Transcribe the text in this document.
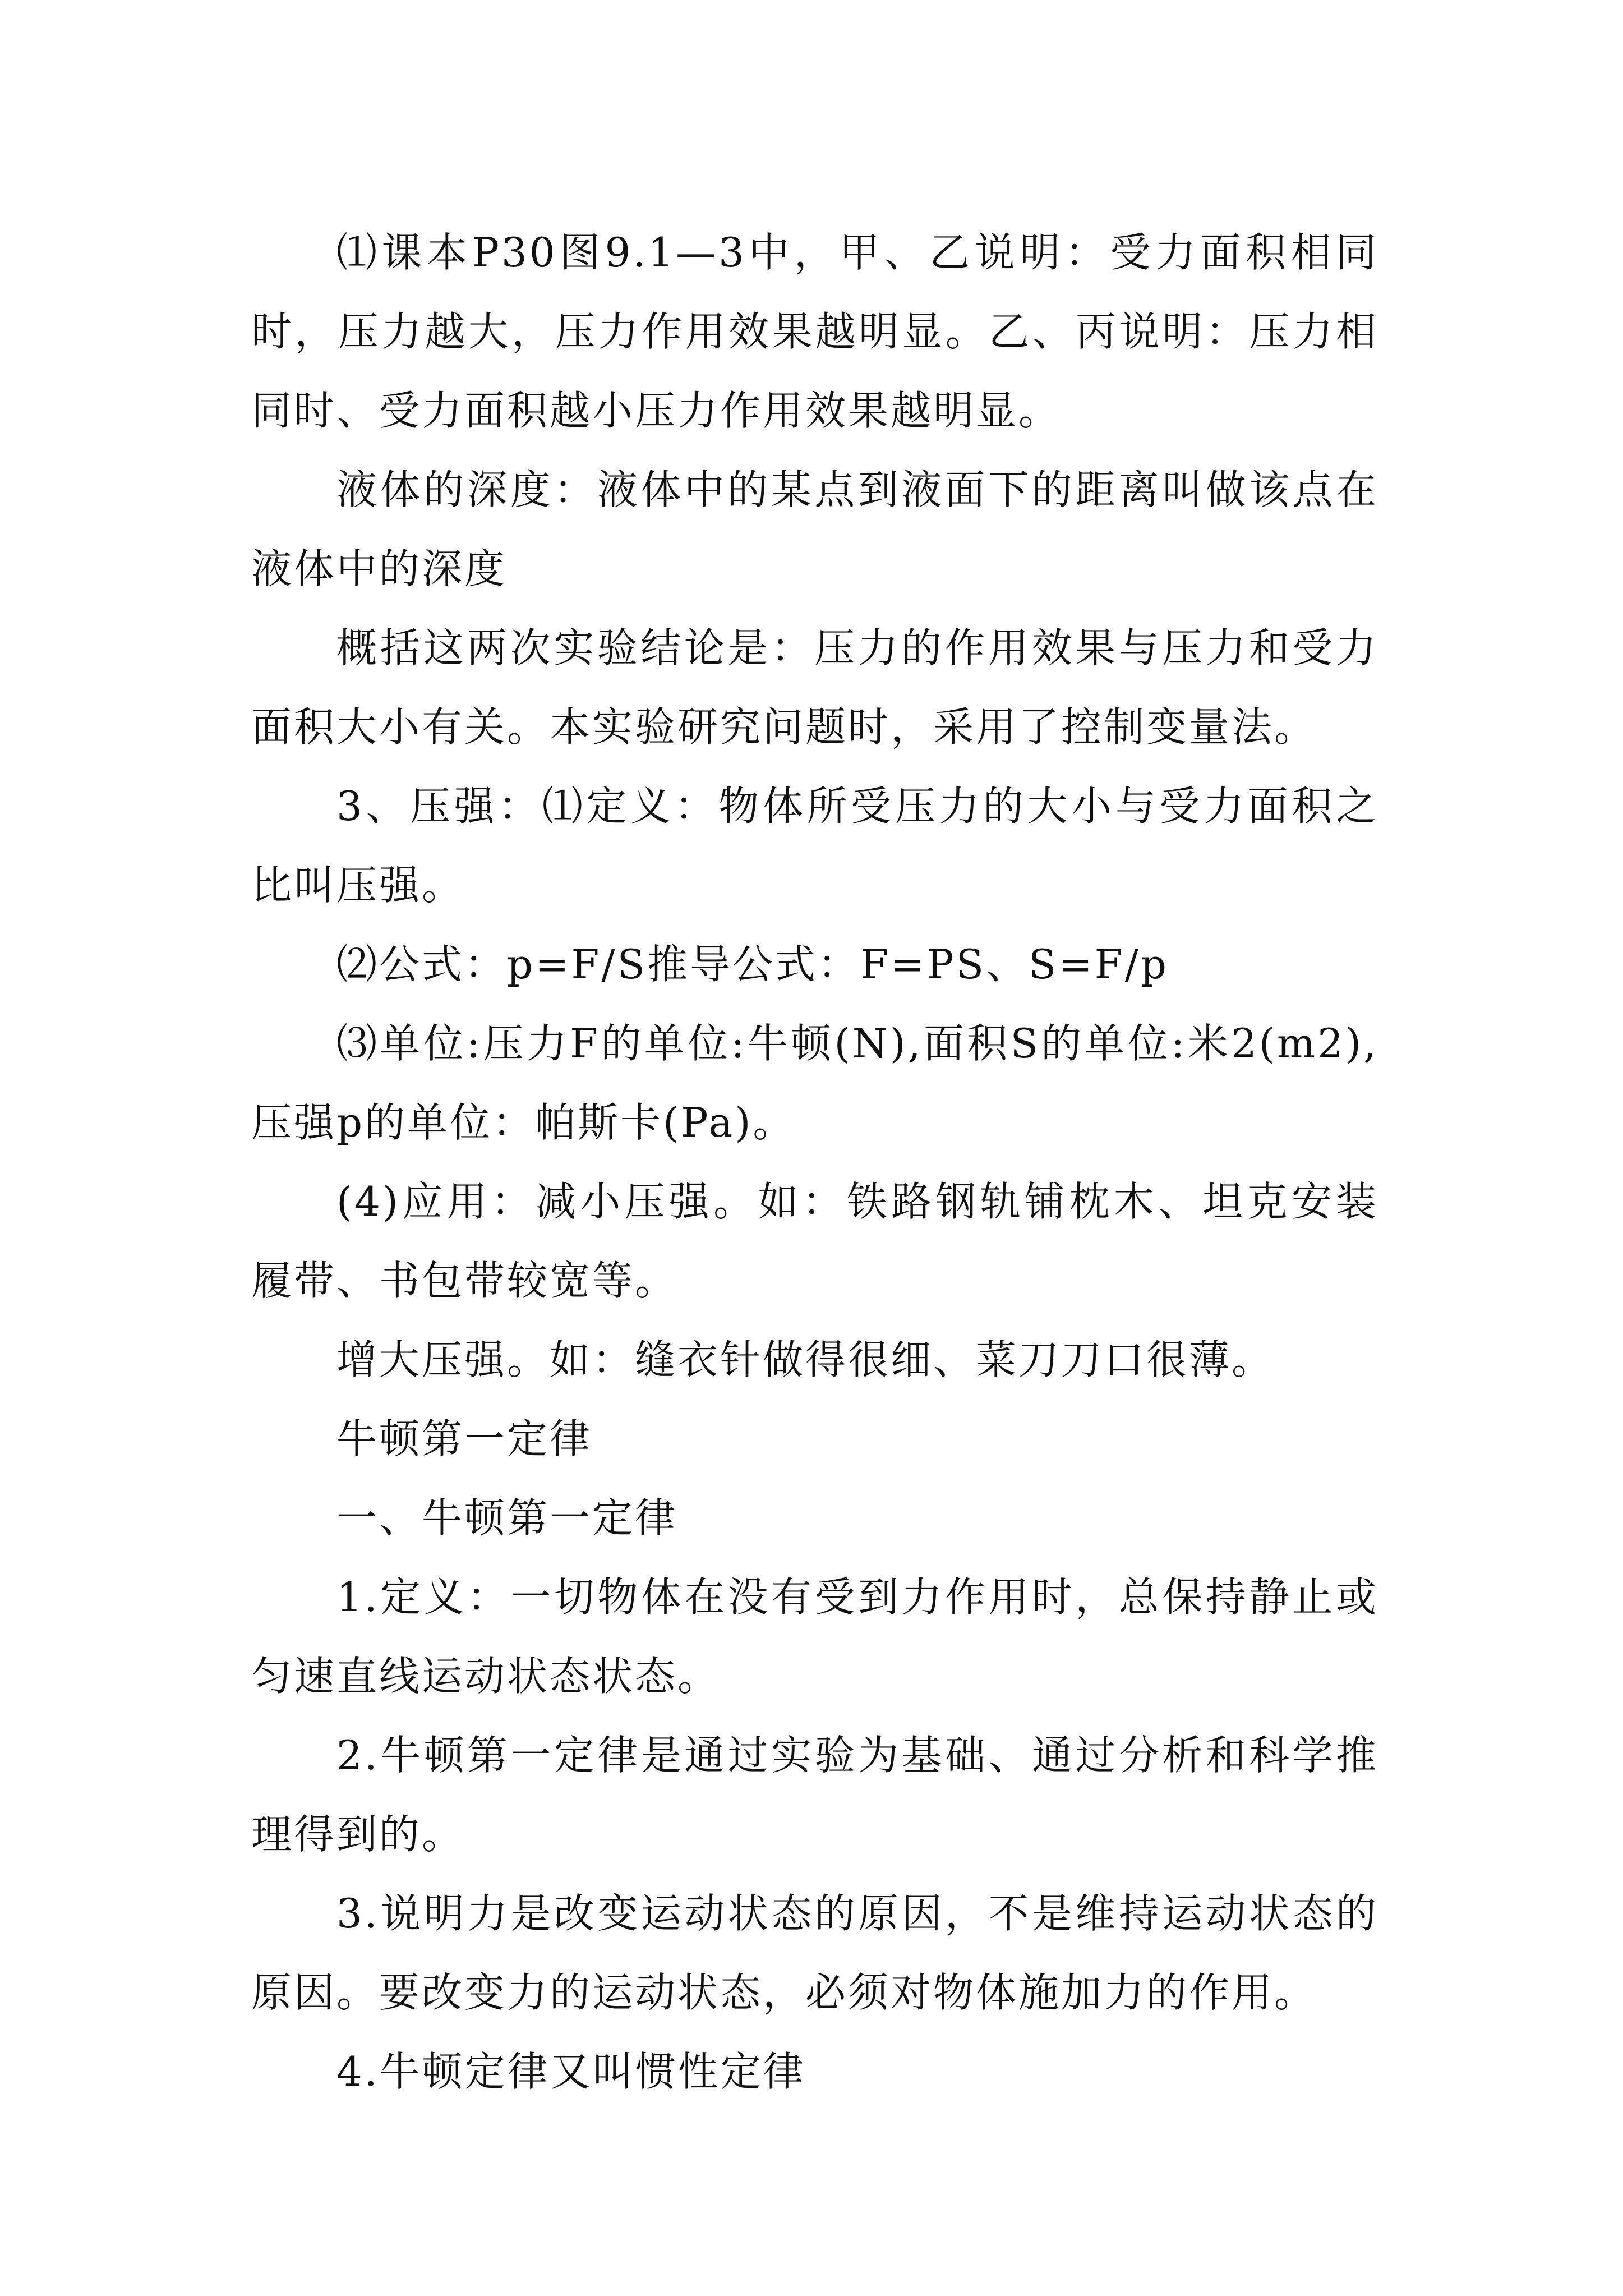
⑴课本P30图9.1—3中，甲、乙说明：受力面积相同时，压力越大，压力作用效果越明显。乙、丙说明：压力相同时、受力面积越小压力作用效果越明显。

液体的深度：液体中的某点到液面下的距离叫做该点在液体中的深度

概括这两次实验结论是：压力的作用效果与压力和受力面积大小有关。本实验研究问题时，采用了控制变量法。

3、压强：⑴定义：物体所受压力的大小与受力面积之比叫压强。

⑵公式：p=F/S推导公式：F=PS、S=F/p

⑶单位:压力F的单位:牛顿(N),面积S的单位:米2(m2),压强p的单位：帕斯卡(Pa)。

(4)应用：减小压强。如：铁路钢轨铺枕木、坦克安装履带、书包带较宽等。

增大压强。如：缝衣针做得很细、菜刀刀口很薄。

牛顿第一定律

一、牛顿第一定律

1.定义：一切物体在没有受到力作用时，总保持静止或匀速直线运动状态状态。

2.牛顿第一定律是通过实验为基础、通过分析和科学推理得到的。

3.说明力是改变运动状态的原因，不是维持运动状态的原因。要改变力的运动状态，必须对物体施加力的作用。

4.牛顿定律又叫惯性定律
